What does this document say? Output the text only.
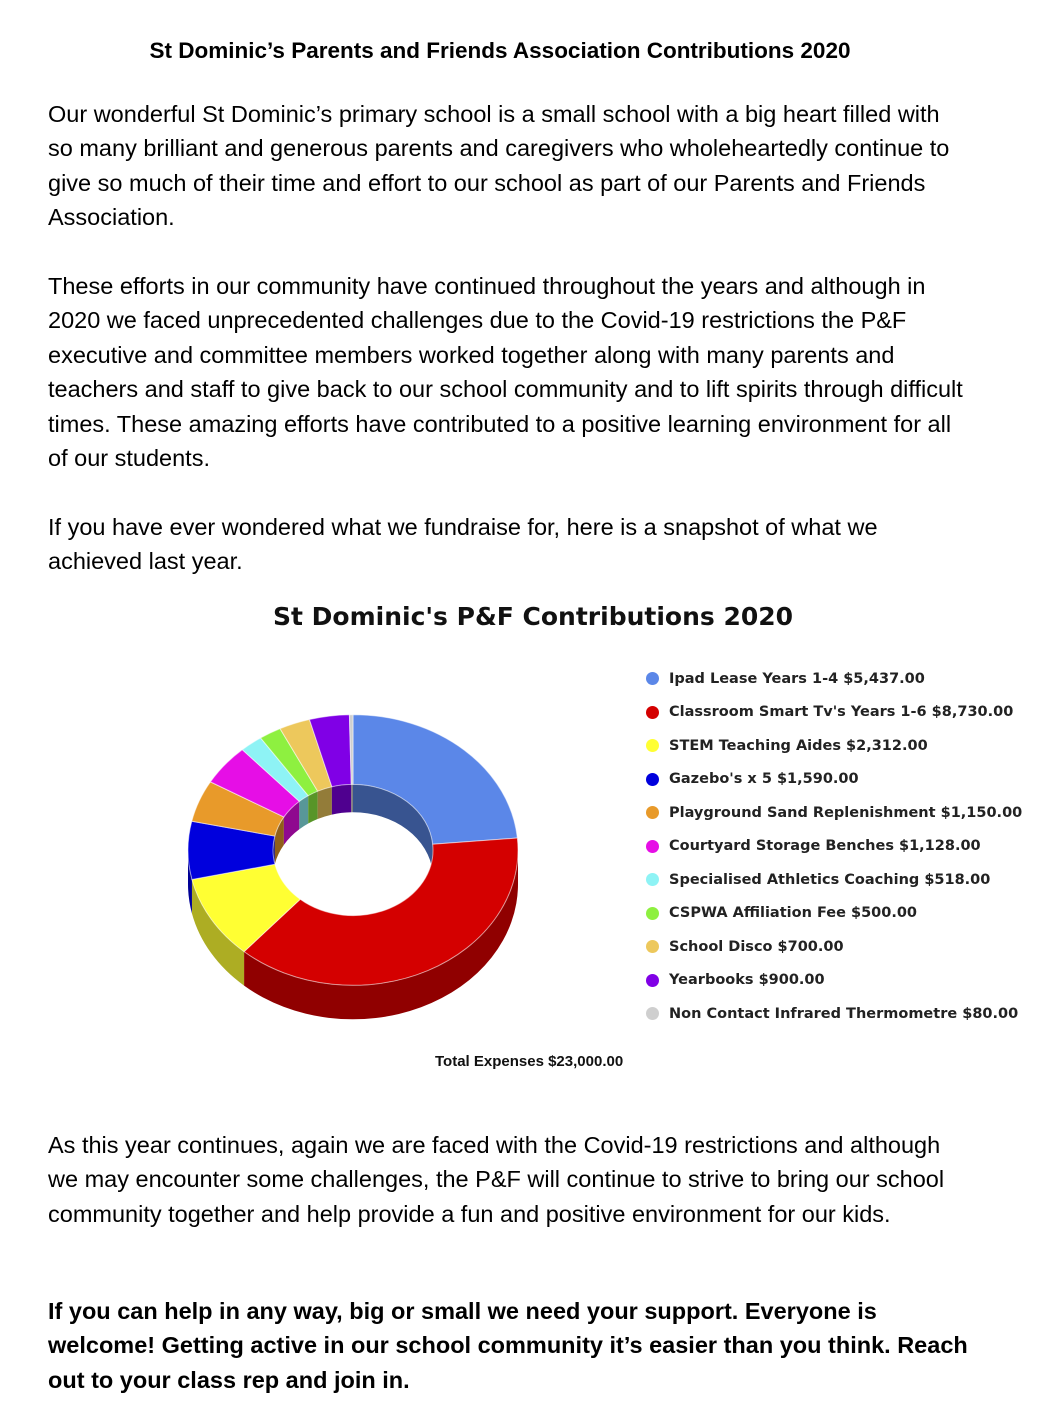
St Dominic’s Parents and Friends Association Contributions 2020

Our wonderful St Dominic’s primary school is a small school with a big heart filled with so many brilliant and generous parents and caregivers who wholeheartedly continue to give so much of their time and effort to our school as part of our Parents and Friends Association.

These efforts in our community have continued throughout the years and although in 2020 we faced unprecedented challenges due to the Covid-19 restrictions the P&F executive and committee members worked together along with many parents and teachers and staff to give back to our school community and to lift spirits through difficult times. These amazing efforts have contributed to a positive learning environment for all of our students.

If you have ever wondered what we fundraise for, here is a snapshot of what we achieved last year.

St Dominic's P&F Contributions 2020
Ipad Lease Years 1-4 $5,437.00
Classroom Smart Tv's Years 1-6 $8,730.00
STEM Teaching Aides $2,312.00
Gazebo's x 5 $1,590.00
Playground Sand Replenishment $1,150.00
Courtyard Storage Benches $1,128.00
Specialised Athletics Coaching $518.00
CSPWA Affiliation Fee $500.00
School Disco $700.00
Yearbooks $900.00
Non Contact Infrared Thermometre $80.00
Total Expenses $23,000.00

As this year continues, again we are faced with the Covid-19 restrictions and although we may encounter some challenges, the P&F will continue to strive to bring our school community together and help provide a fun and positive environment for our kids.

If you can help in any way, big or small we need your support. Everyone is welcome! Getting active in our school community it’s easier than you think. Reach out to your class rep and join in.
